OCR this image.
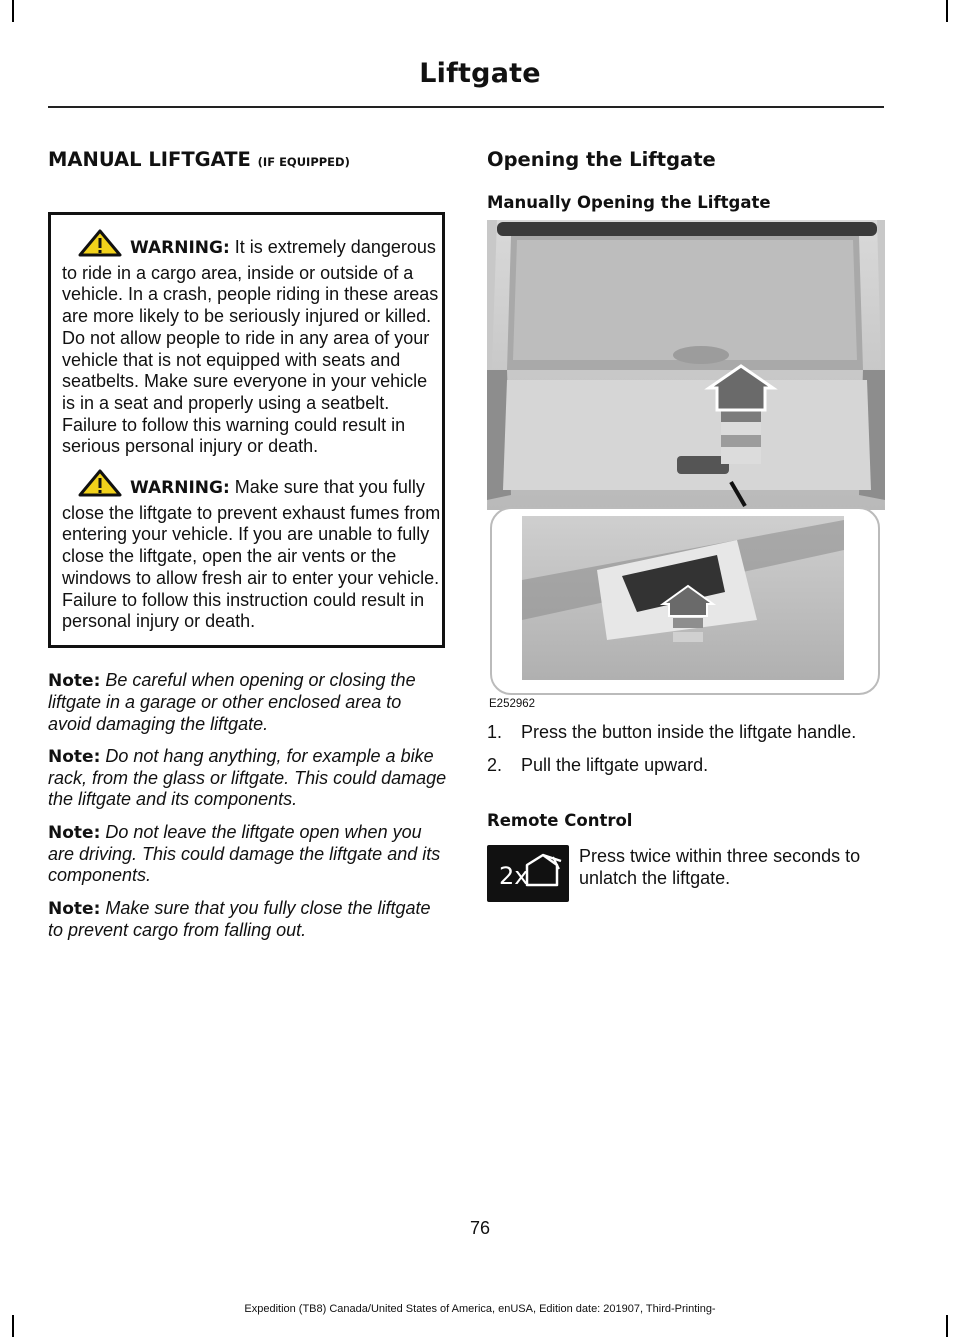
Liftgate
MANUAL LIFTGATE (IF EQUIPPED)

WARNING: It is extremely dangerous to ride in a cargo area, inside or outside of a vehicle. In a crash, people riding in these areas are more likely to be seriously injured or killed. Do not allow people to ride in any area of your vehicle that is not equipped with seats and seatbelts. Make sure everyone in your vehicle is in a seat and properly using a seatbelt. Failure to follow this warning could result in serious personal injury or death.

WARNING: Make sure that you fully close the liftgate to prevent exhaust fumes from entering your vehicle. If you are unable to fully close the liftgate, open the air vents or the windows to allow fresh air to enter your vehicle. Failure to follow this instruction could result in personal injury or death.

Note: Be careful when opening or closing the liftgate in a garage or other enclosed area to avoid damaging the liftgate.

Note: Do not hang anything, for example a bike rack, from the glass or liftgate. This could damage the liftgate and its components.

Note: Do not leave the liftgate open when you are driving. This could damage the liftgate and its components.

Note: Make sure that you fully close the liftgate to prevent cargo from falling out.

Opening the Liftgate
Manually Opening the Liftgate
E252962
1. Press the button inside the liftgate handle.
2. Pull the liftgate upward.
Remote Control
2x

Press twice within three seconds to unlatch the liftgate.

76
Expedition (TB8) Canada/United States of America, enUSA, Edition date: 201907, Third-Printing-
